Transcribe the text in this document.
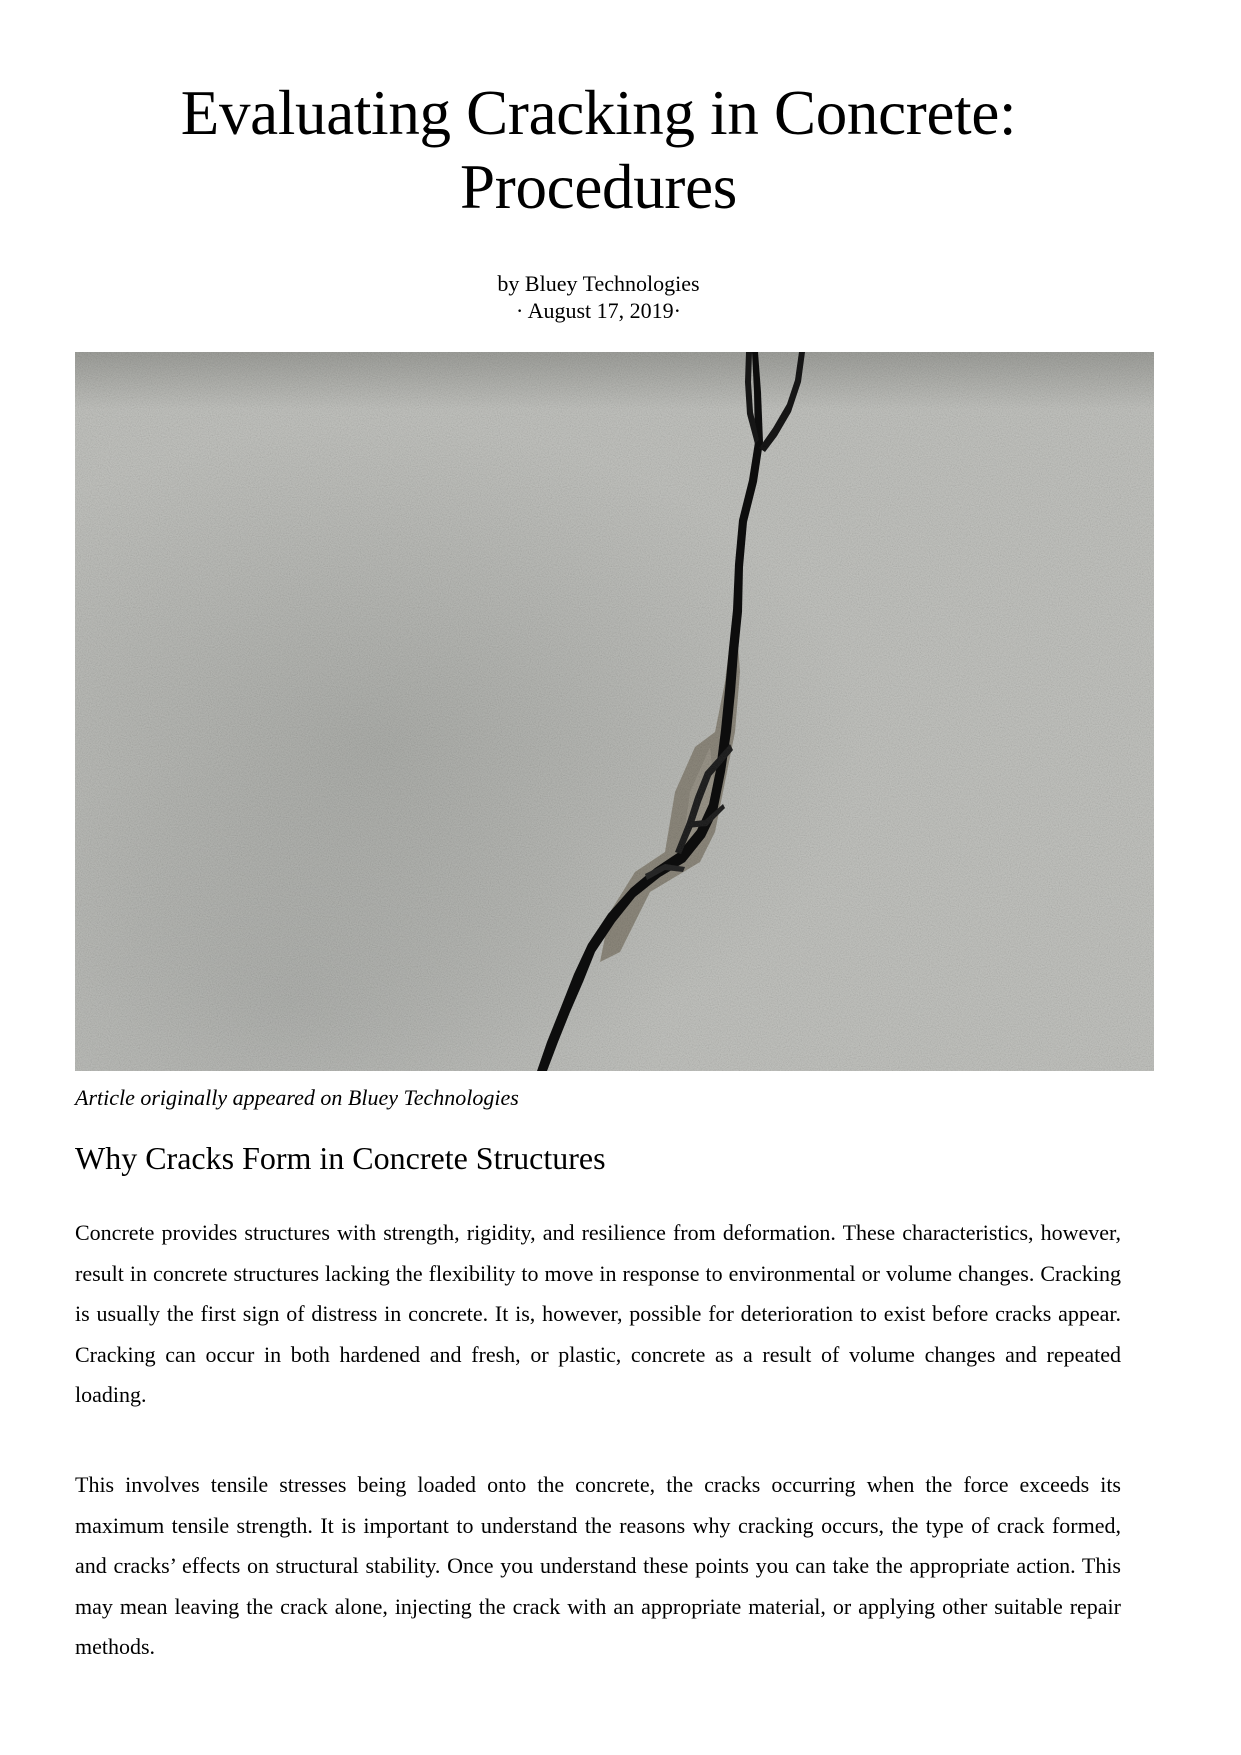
Evaluating Cracking in Concrete:
Procedures
by Bluey Technologies
· August 17, 2019·
Article originally appeared on Bluey Technologies
Why Cracks Form in Concrete Structures

Concrete provides structures with strength, rigidity, and resilience from deformation. These characteristics, however, result in concrete structures lacking the flexibility to move in response to environmental or volume changes. Cracking is usually the first sign of distress in concrete. It is, however, possible for deterioration to exist before cracks appear. Cracking can occur in both hardened and fresh, or plastic, concrete as a result of volume changes and repeated loading.

This involves tensile stresses being loaded onto the concrete, the cracks occurring when the force exceeds its maximum tensile strength. It is important to understand the reasons why cracking occurs, the type of crack formed, and cracks’ effects on structural stability. Once you understand these points you can take the appropriate action. This may mean leaving the crack alone, injecting the crack with an appropriate material, or applying other suitable repair methods.
